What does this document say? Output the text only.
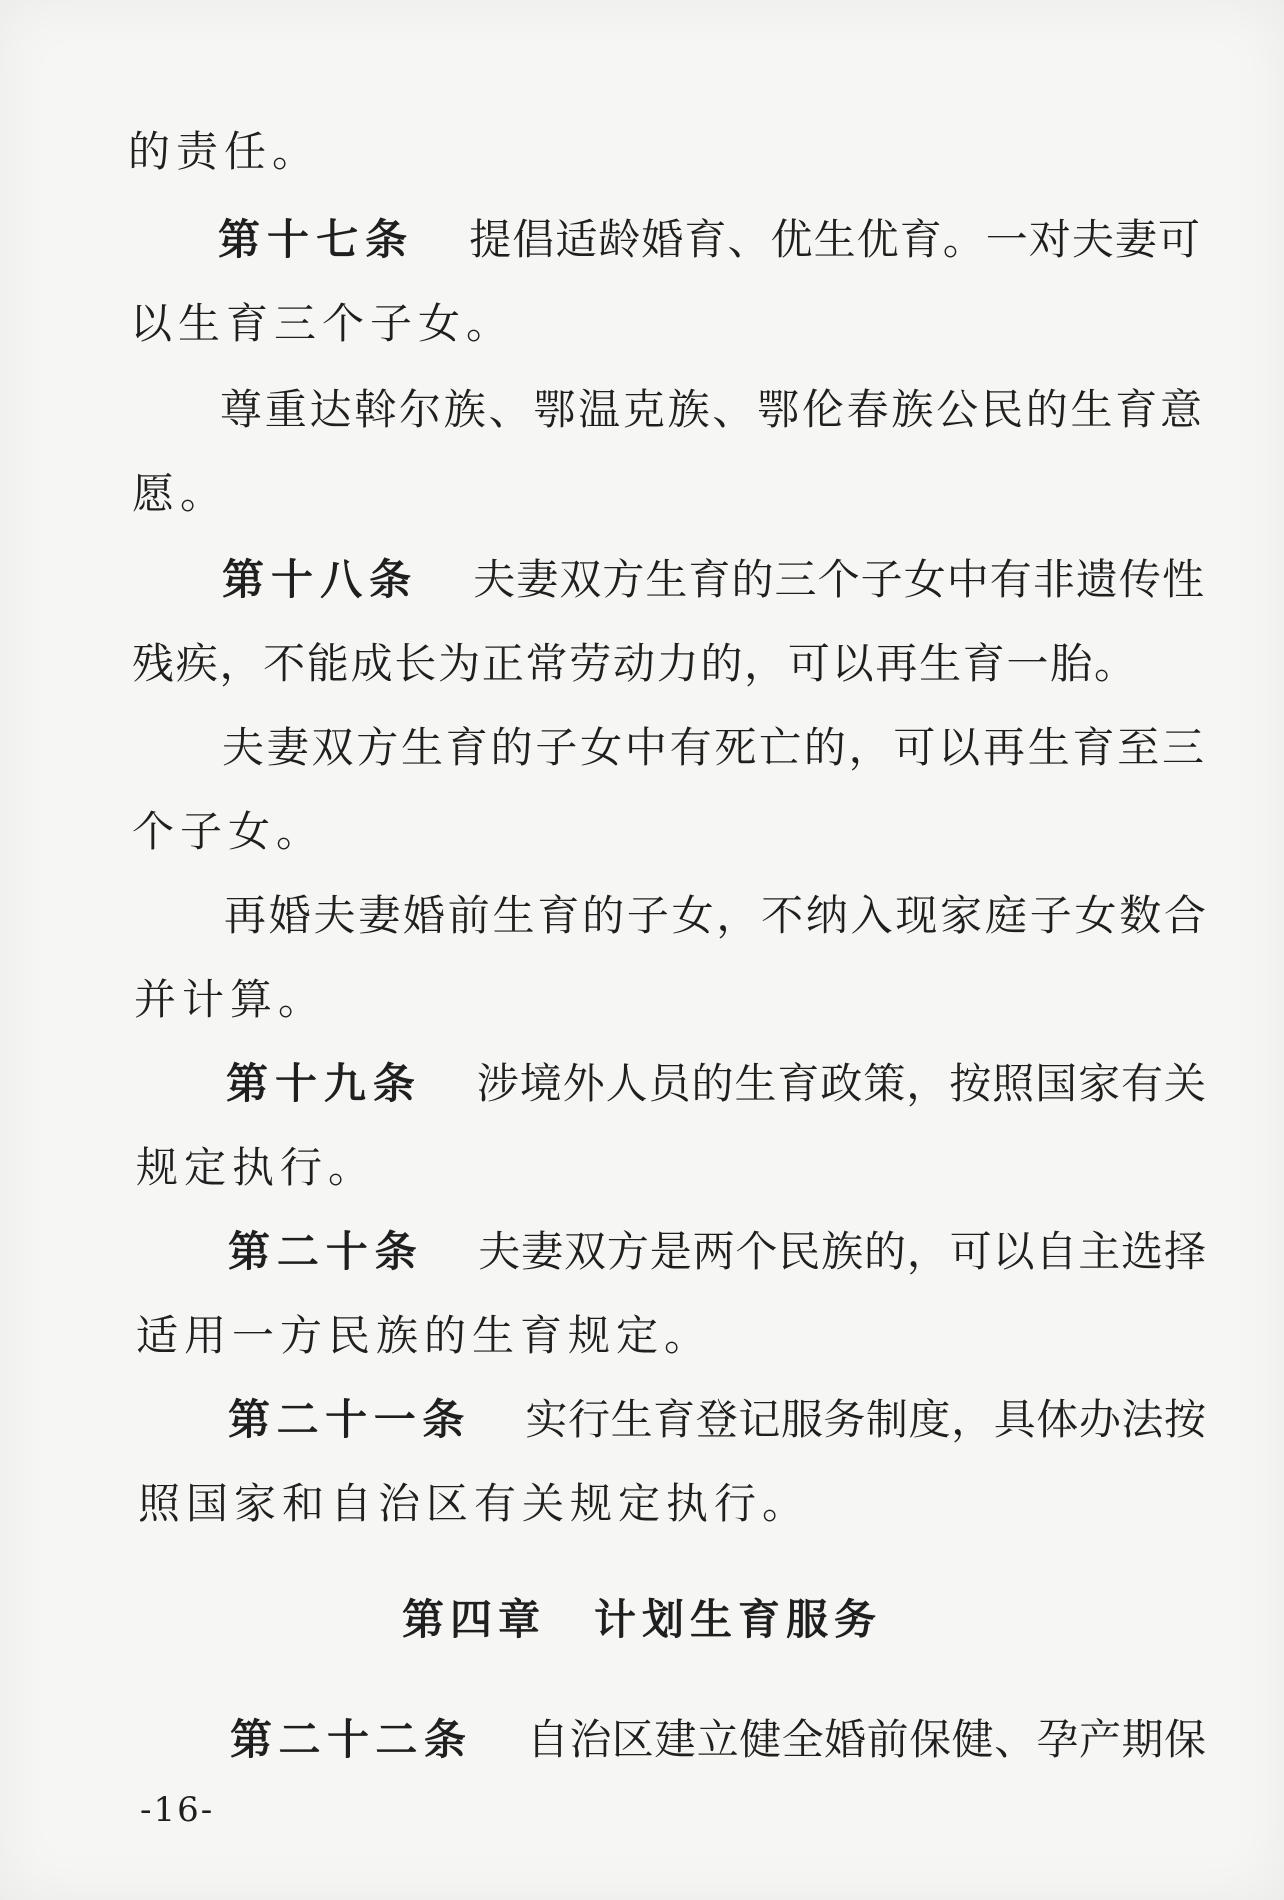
的责任。
第十七条 提倡适龄婚育、优生优育。一对夫妻可
以生育三个子女。
尊重达斡尔族、鄂温克族、鄂伦春族公民的生育意
愿。
第十八条 夫妻双方生育的三个子女中有非遗传性
残疾，不能成长为正常劳动力的，可以再生育一胎。
夫妻双方生育的子女中有死亡的，可以再生育至三
个子女。
再婚夫妻婚前生育的子女，不纳入现家庭子女数合
并计算。
第十九条 涉境外人员的生育政策，按照国家有关
规定执行。
第二十条 夫妻双方是两个民族的，可以自主选择
适用一方民族的生育规定。
第二十一条 实行生育登记服务制度，具体办法按
照国家和自治区有关规定执行。
第四章 计划生育服务
第二十二条 自治区建立健全婚前保健、孕产期保
-16-
